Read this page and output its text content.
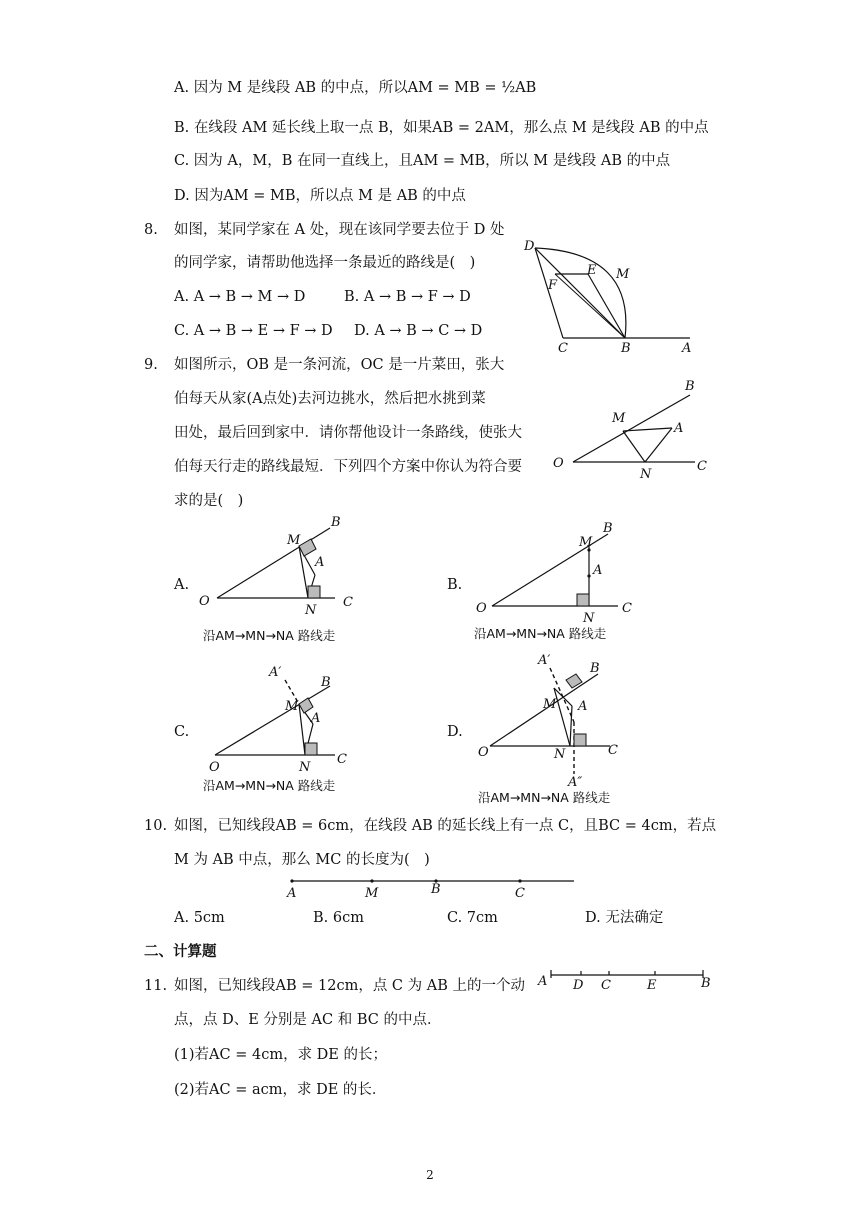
A. 因为 M 是线段 AB 的中点，所以AM = MB = ½AB
B. 在线段 AM 延长线上取一点 B，如果AB = 2AM，那么点 M 是线段 AB 的中点
C. 因为 A，M，B 在同一直线上，且AM = MB，所以 M 是线段 AB 的中点
D. 因为AM = MB，所以点 M 是 AB 的中点
8. 如图，某同学家在 A 处，现在该同学要去位于 D 处
的同学家，请帮助他选择一条最近的路线是(　)
A. A → B → M → D	B. A → B → F → D
C. A → B → E → F → D D. A → B → C → D
D
E M
F
C	B	A
9. 如图所示，OB 是一条河流，OC 是一片菜田，张大
伯每天从家(A点处)去河边挑水，然后把水挑到菜
田处，最后回到家中．请你帮他设计一条路线，使张大
伯每天行走的路线最短．下列四个方案中你认为符合要
求的是(　)
B
M
A
O
N
C
A.
B
M
A
O
N
C
沿AM→MN→NA 路线走
B.
B
M
A
O
N
C
沿AM→MN→NA 路线走
C.
A′
B
M
A
O	N
C
沿AM→MN→NA 路线走
D.
A′
B
M A
O	N	C
A″
沿AM→MN→NA 路线走
10. 如图，已知线段AB = 6cm，在线段 AB 的延长线上有一点 C，且BC = 4cm，若点
M 为 AB 中点，那么 MC 的长度为(　)
A	M	B	C
A. 5cm	B. 6cm	C. 7cm	D. 无法确定
二、计算题
11. 如图，已知线段AB = 12cm，点 C 为 AB 上的一个动
点，点 D、E 分别是 AC 和 BC 的中点．
(1)若AC = 4cm，求 DE 的长；
(2)若AC = acm，求 DE 的长．
A D C	E	B
2
